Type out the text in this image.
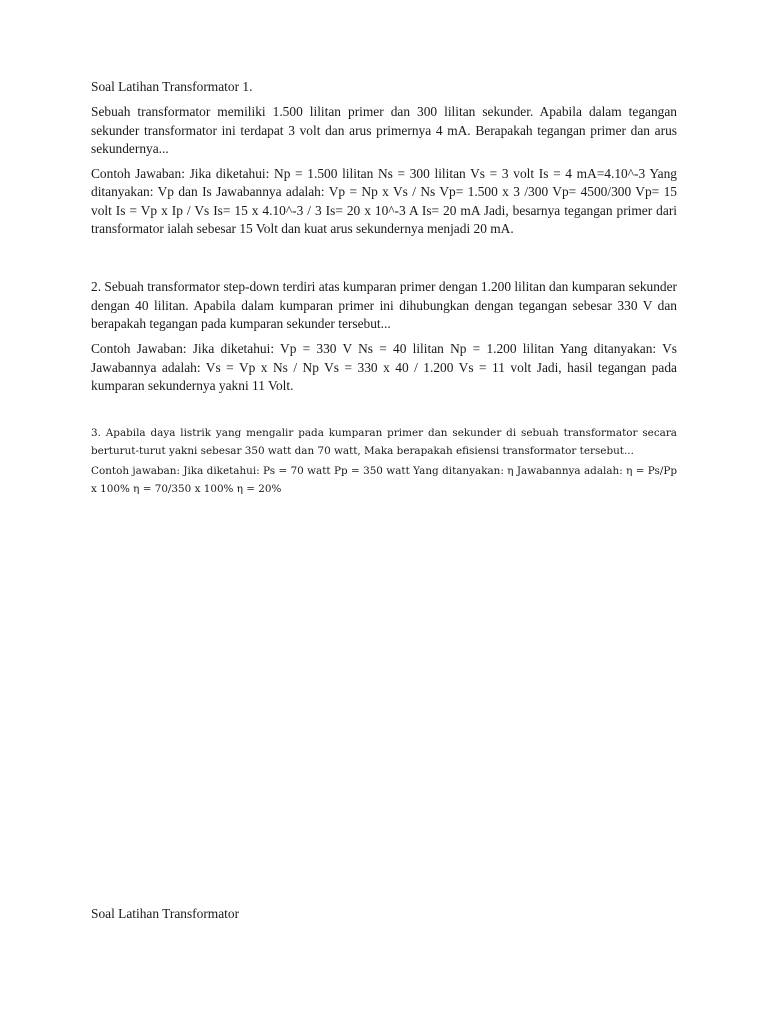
Soal Latihan Transformator 1.

Sebuah transformator memiliki 1.500 lilitan primer dan 300 lilitan sekunder. Apabila dalam tegangan sekunder transformator ini terdapat 3 volt dan arus primernya 4 mA. Berapakah tegangan primer dan arus sekundernya...

Contoh Jawaban: Jika diketahui: Np = 1.500 lilitan Ns = 300 lilitan Vs = 3 volt Is = 4 mA=4.10^-3 Yang ditanyakan: Vp dan Is Jawabannya adalah: Vp = Np x Vs / Ns Vp= 1.500 x 3 /300 Vp= 4500/300 Vp= 15 volt Is = Vp x Ip / Vs Is= 15 x 4.10^-3 / 3 Is= 20 x 10^-3 A Is= 20 mA Jadi, besarnya tegangan primer dari transformator ialah sebesar 15 Volt dan kuat arus sekundernya menjadi 20 mA.

2. Sebuah transformator step-down terdiri atas kumparan primer dengan 1.200 lilitan dan kumparan sekunder dengan 40 lilitan. Apabila dalam kumparan primer ini dihubungkan dengan tegangan sebesar 330 V dan berapakah tegangan pada kumparan sekunder tersebut...

Contoh Jawaban: Jika diketahui: Vp = 330 V Ns = 40 lilitan Np = 1.200 lilitan Yang ditanyakan: Vs Jawabannya adalah: Vs = Vp x Ns / Np Vs = 330 x 40 / 1.200 Vs = 11 volt Jadi, hasil tegangan pada kumparan sekundernya yakni 11 Volt.

3. Apabila daya listrik yang mengalir pada kumparan primer dan sekunder di sebuah transformator secara berturut-turut yakni sebesar 350 watt dan 70 watt, Maka berapakah efisiensi transformator tersebut...

Contoh jawaban: Jika diketahui: Ps = 70 watt Pp = 350 watt Yang ditanyakan: η Jawabannya adalah: η = Ps/Pp x 100% η = 70/350 x 100% η = 20%

Soal Latihan Transformator
